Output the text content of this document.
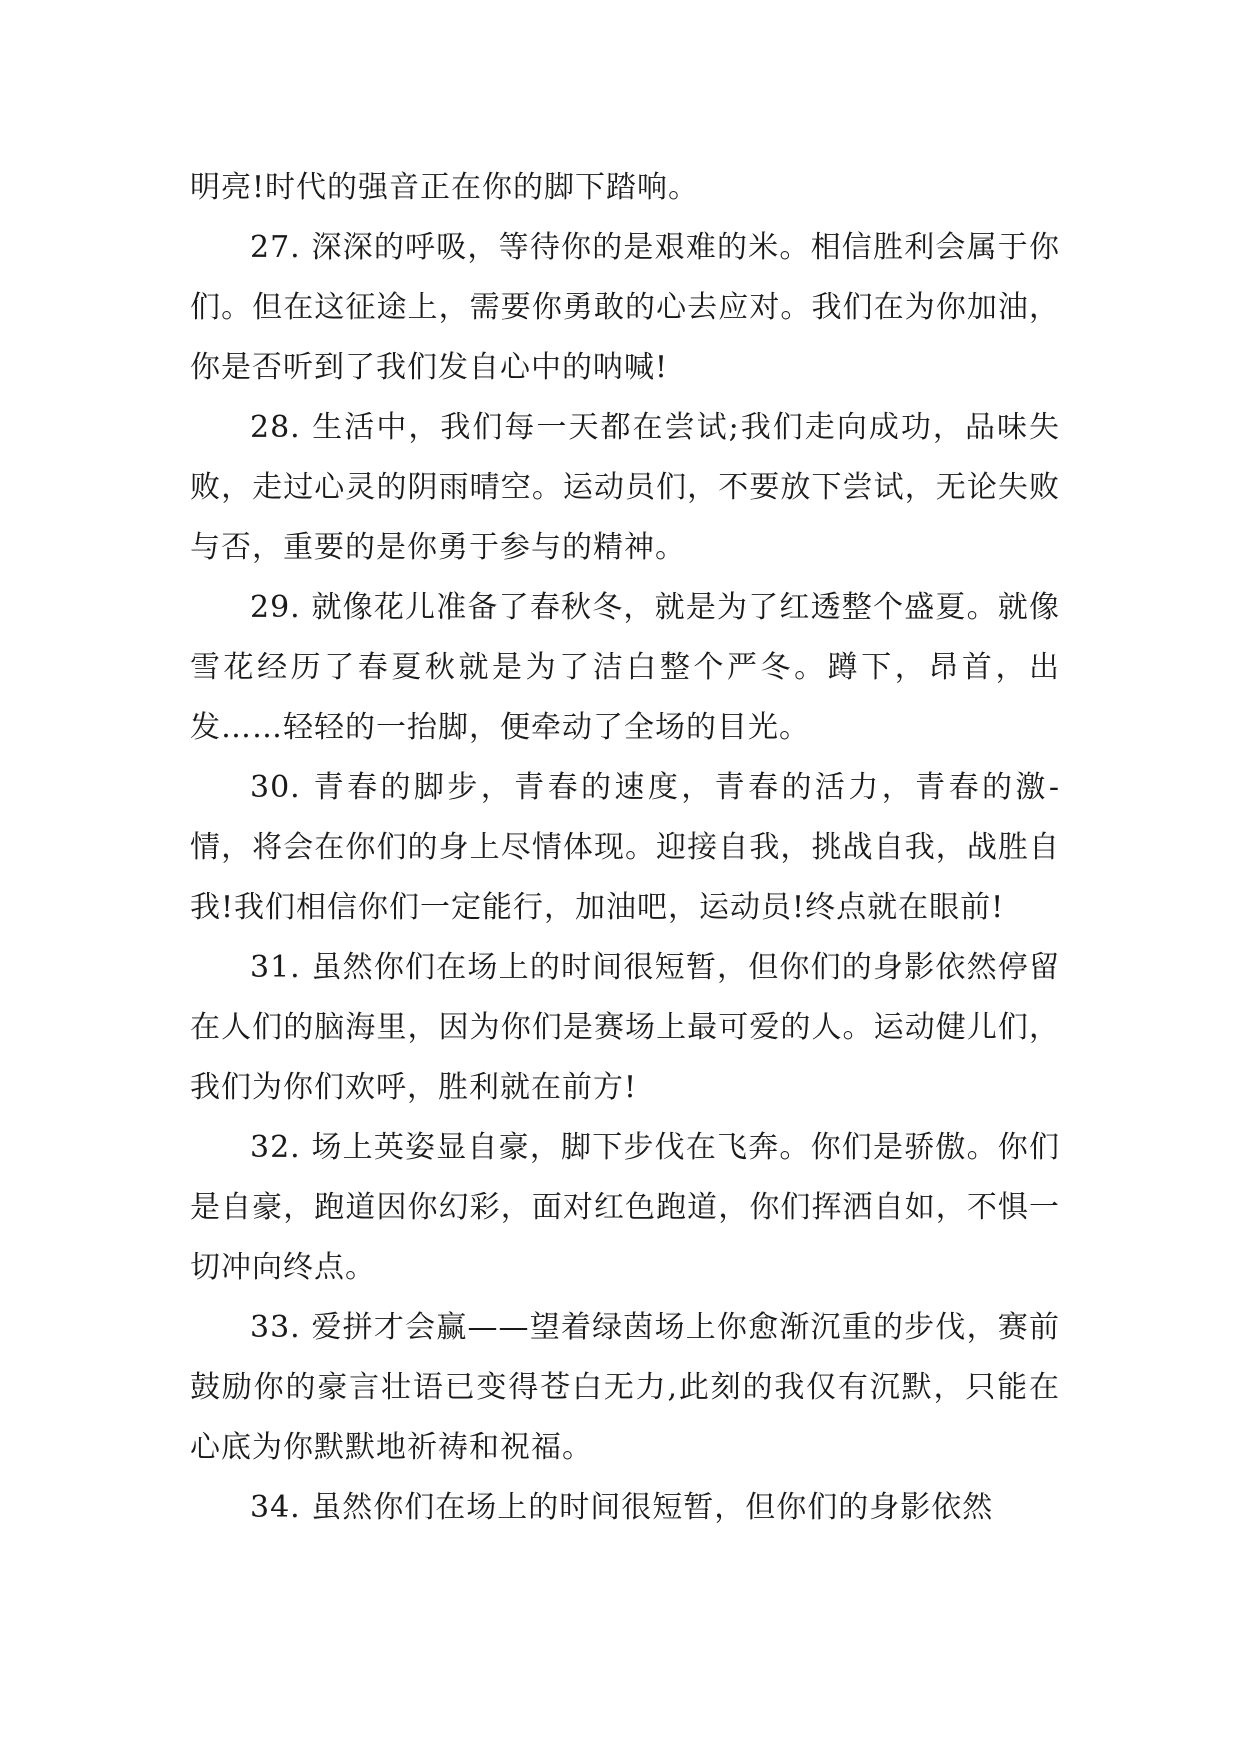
明亮!时代的强音正在你的脚下踏响。

27. 深深的呼吸，等待你的是艰难的米。相信胜利会属于你们。但在这征途上，需要你勇敢的心去应对。我们在为你加油，你是否听到了我们发自心中的呐喊!

28. 生活中，我们每一天都在尝试;我们走向成功，品味失败，走过心灵的阴雨晴空。运动员们，不要放下尝试，无论失败与否，重要的是你勇于参与的精神。

29. 就像花儿准备了春秋冬，就是为了红透整个盛夏。就像雪花经历了春夏秋就是为了洁白整个严冬。蹲下，昂首，出发……轻轻的一抬脚，便牵动了全场的目光。

30. 青春的脚步，青春的速度，青春的活力，青春的激-情，将会在你们的身上尽情体现。迎接自我，挑战自我，战胜自我!我们相信你们一定能行，加油吧，运动员!终点就在眼前!

31. 虽然你们在场上的时间很短暂，但你们的身影依然停留在人们的脑海里，因为你们是赛场上最可爱的人。运动健儿们，我们为你们欢呼，胜利就在前方!

32. 场上英姿显自豪，脚下步伐在飞奔。你们是骄傲。你们是自豪，跑道因你幻彩，面对红色跑道，你们挥洒自如，不惧一切冲向终点。

33. 爱拼才会赢——望着绿茵场上你愈渐沉重的步伐，赛前鼓励你的豪言壮语已变得苍白无力,此刻的我仅有沉默，只能在心底为你默默地祈祷和祝福。

34. 虽然你们在场上的时间很短暂，但你们的身影依然
